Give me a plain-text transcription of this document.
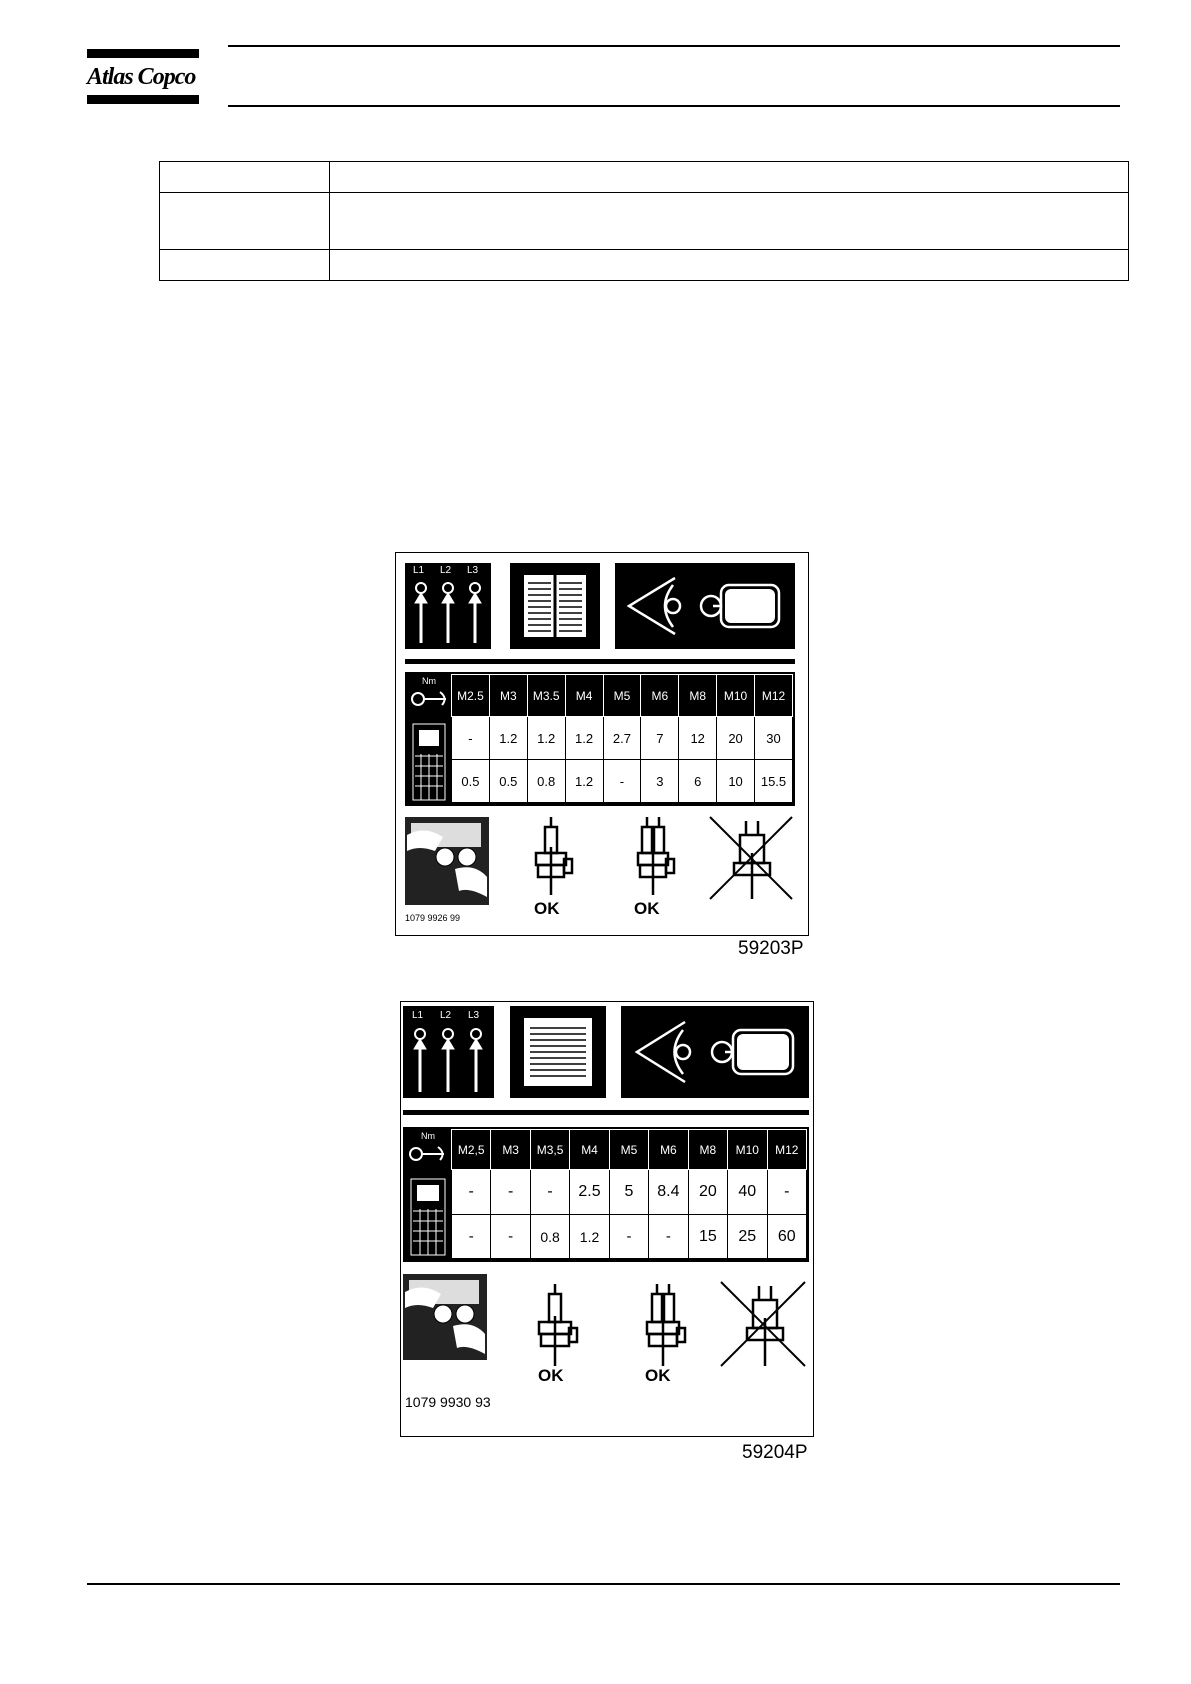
Atlas Copco

L1 L2 L3
Nm
M2.5	M3	M3.5	M4	M5	M6	M8	M10	M12
-	1.2	1.2	1.2	2.7	7	12	20	30
0.5	0.5	0.8	1.2	-	3	6	10	15.5
1079 9926 99	OK	OK
59203P
L1 L2 L3
Nm
M2,5	M3	M3,5	M4	M5	M6	M8	M10	M12
-	-	-	2.5	5	8.4	20	40	-
-	-	0.8	1.2	-	-	15	25	60
1079 9930 93
OK	OK
59204P
